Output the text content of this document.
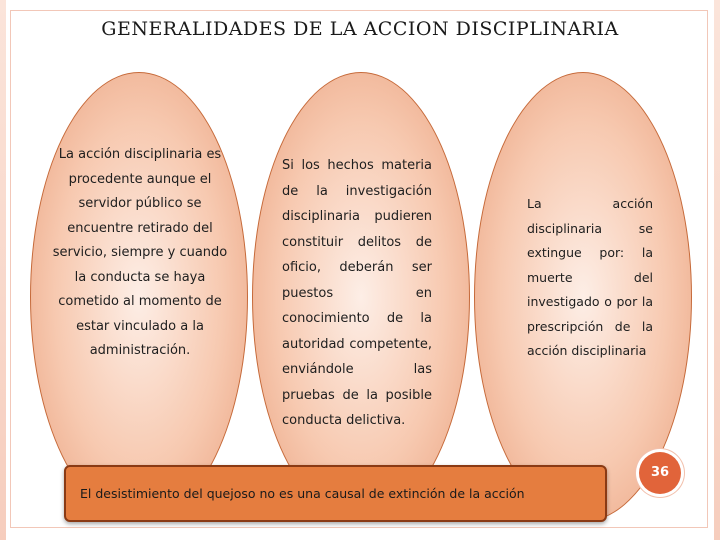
GENERALIDADES DE LA ACCION DISCIPLINARIA
La acción disciplinaria es procedente aunque el servidor público se encuentre retirado del servicio, siempre y cuando la conducta se haya cometido al momento de estar vinculado a la administración.
Si los hechos materia de la investigación disciplinaria pudieren constituir delitos de oficio, deberán ser puestos en conocimiento de la autoridad competente, enviándole las pruebas de la posible conducta delictiva.
La acción disciplinaria se extingue por: la muerte del investigado o por la prescripción de la acción disciplinaria
El desistimiento del quejoso no es una causal de extinción de la acción
36
